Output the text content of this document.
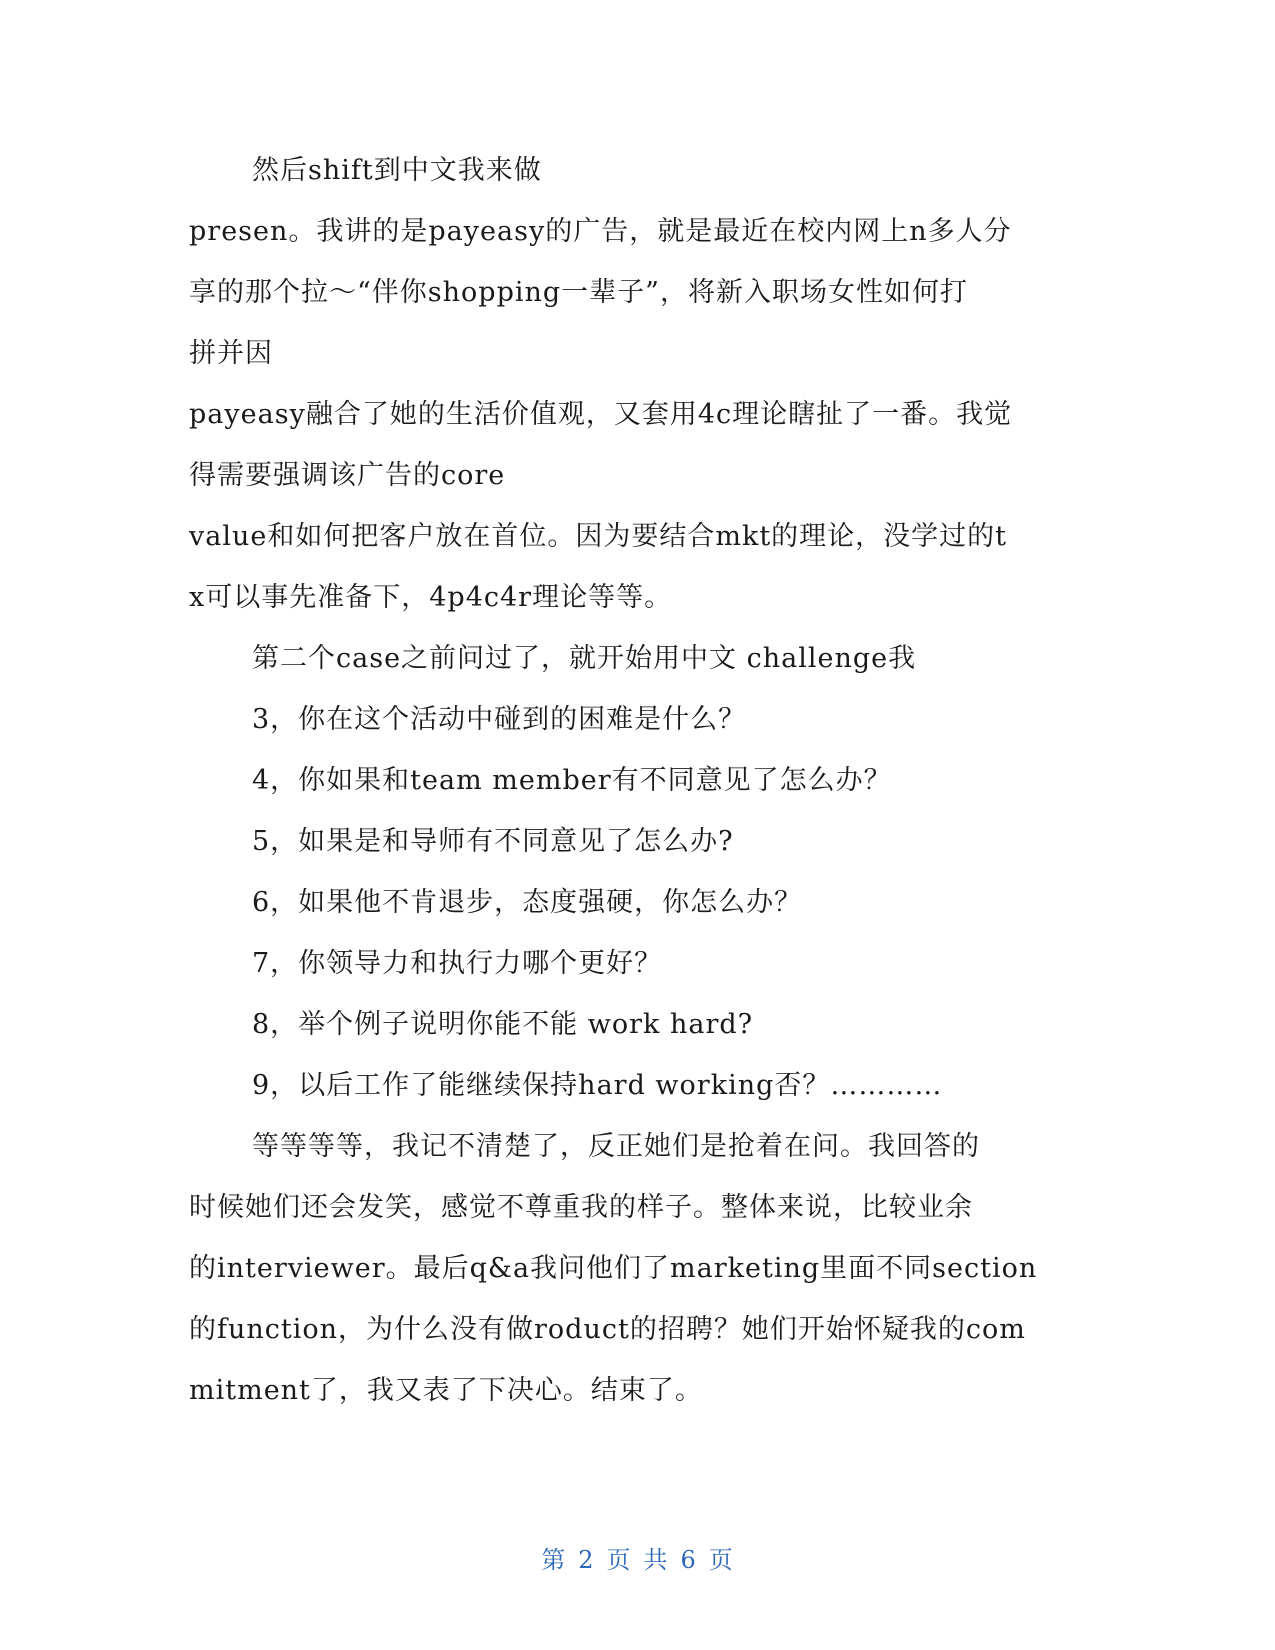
然后shift到中文我来做
presen。我讲的是payeasy的广告，就是最近在校内网上n多人分
享的那个拉～“伴你shopping一辈子”，将新入职场女性如何打
拼并因
payeasy融合了她的生活价值观，又套用4c理论瞎扯了一番。我觉
得需要强调该广告的core
value和如何把客户放在首位。因为要结合mkt的理论，没学过的t
x可以事先准备下，4p4c4r理论等等。
第二个case之前问过了，就开始用中文 challenge我
3，你在这个活动中碰到的困难是什么？
4，你如果和team member有不同意见了怎么办？
5，如果是和导师有不同意见了怎么办?
6，如果他不肯退步，态度强硬，你怎么办？
7，你领导力和执行力哪个更好？
8，举个例子说明你能不能 work hard?
9，以后工作了能继续保持hard working否？…………
等等等等，我记不清楚了，反正她们是抢着在问。我回答的
时候她们还会发笑，感觉不尊重我的样子。整体来说，比较业余
的interviewer。最后q&a我问他们了marketing里面不同section
的function，为什么没有做roduct的招聘？她们开始怀疑我的com
mitment了，我又表了下决心。结束了。
第 2 页 共 6 页
